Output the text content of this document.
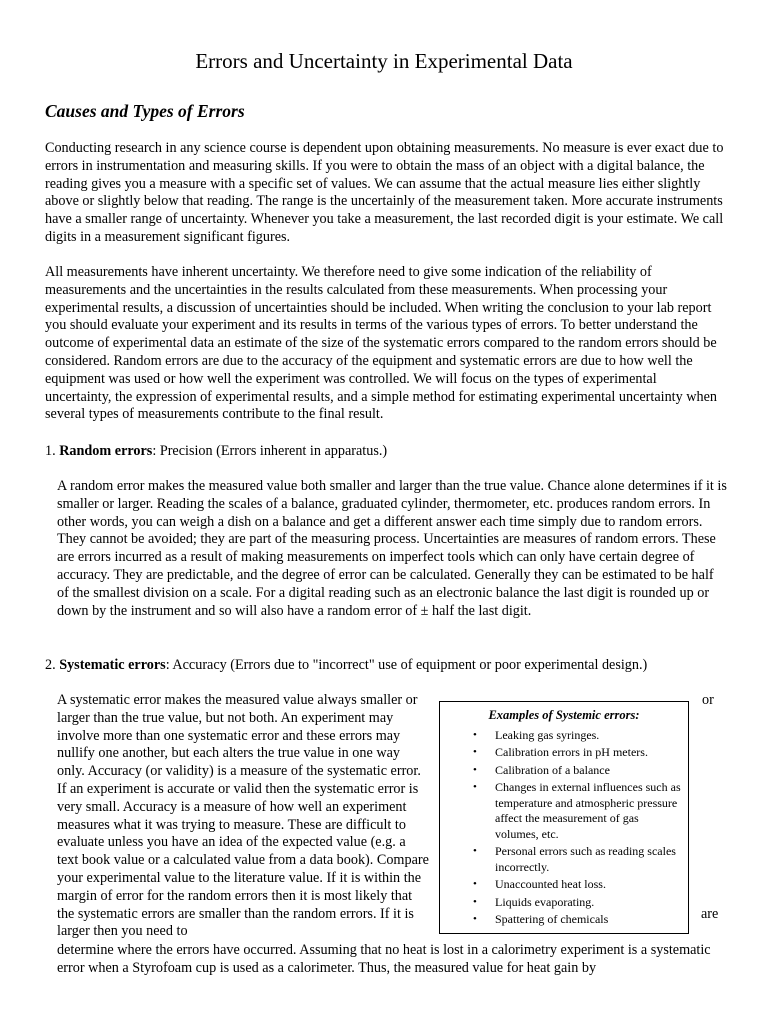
Errors and Uncertainty in Experimental Data
Causes and Types of Errors

Conducting research in any science course is dependent upon obtaining measurements. No measure is ever exact due to errors in instrumentation and measuring skills. If you were to obtain the mass of an object with a digital balance, the reading gives you a measure with a specific set of values. We can assume that the actual measure lies either slightly above or slightly below that reading. The range is the uncertainly of the measurement taken. More accurate instruments have a smaller range of uncertainty. Whenever you take a measurement, the last recorded digit is your estimate. We call digits in a measurement significant figures.

All measurements have inherent uncertainty. We therefore need to give some indication of the reliability of measurements and the uncertainties in the results calculated from these measurements. When processing your experimental results, a discussion of uncertainties should be included. When writing the conclusion to your lab report you should evaluate your experiment and its results in terms of the various types of errors. To better understand the outcome of experimental data an estimate of the size of the systematic errors compared to the random errors should be considered. Random errors are due to the accuracy of the equipment and systematic errors are due to how well the equipment was used or how well the experiment was controlled. We will focus on the types of experimental uncertainty, the expression of experimental results, and a simple method for estimating experimental uncertainty when several types of measurements contribute to the final result.

1. Random errors: Precision (Errors inherent in apparatus.)

A random error makes the measured value both smaller and larger than the true value. Chance alone determines if it is smaller or larger. Reading the scales of a balance, graduated cylinder, thermometer, etc. produces random errors. In other words, you can weigh a dish on a balance and get a different answer each time simply due to random errors. They cannot be avoided; they are part of the measuring process. Uncertainties are measures of random errors. These are errors incurred as a result of making measurements on imperfect tools which can only have certain degree of accuracy. They are predictable, and the degree of error can be calculated. Generally they can be estimated to be half of the smallest division on a scale. For a digital reading such as an electronic balance the last digit is rounded up or down by the instrument and so will also have a random error of ± half the last digit.

2. Systematic errors: Accuracy (Errors due to "incorrect" use of equipment or poor experimental design.)

A systematic error makes the measured value always smaller or larger than the true value, but not both. An experiment may involve more than one systematic error and these errors may nullify one another, but each alters the true value in one way only. Accuracy (or validity) is a measure of the systematic error. If an experiment is accurate or valid then the systematic error is very small. Accuracy is a measure of how well an experiment measures what it was trying to measure. These are difficult to evaluate unless you have an idea of the expected value (e.g. a text book value or a calculated value from a data book). Compare your experimental value to the literature value. If it is within the margin of error for the random errors then it is most likely that the systematic errors are smaller than the random errors. If it is larger then you need to

or
are
Examples of Systemic errors:
• Leaking gas syringes.
• Calibration errors in pH meters.
• Calibration of a balance
• Changes in external influences such as temperature and atmospheric pressure affect the measurement of gas volumes, etc.
• Personal errors such as reading scales incorrectly.
• Unaccounted heat loss.
• Liquids evaporating.
• Spattering of chemicals

determine where the errors have occurred. Assuming that no heat is lost in a calorimetry experiment is a systematic error when a Styrofoam cup is used as a calorimeter. Thus, the measured value for heat gain by
